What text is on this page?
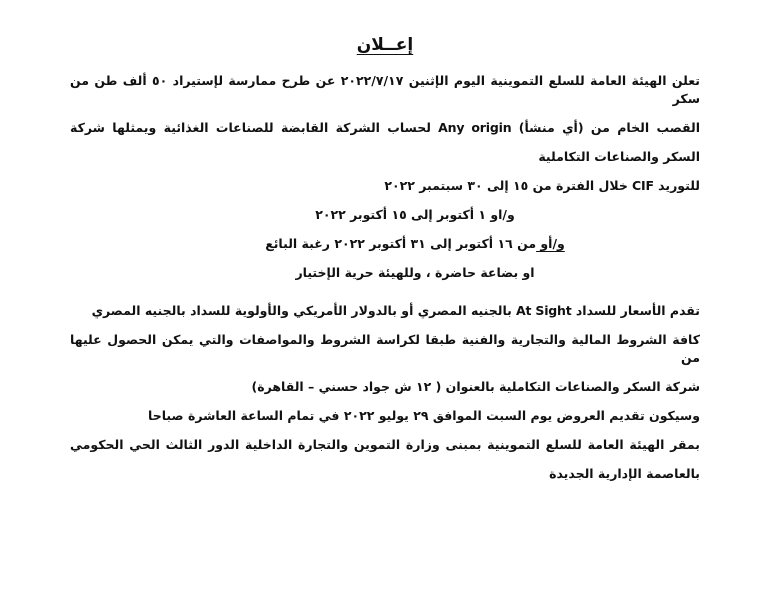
إعــلان
تعلن الهيئة العامة للسلع التموينية اليوم الإثنين ٢٠٢٢/٧/١٧ عن طرح ممارسة لإستيراد ٥٠ ألف طن من سكر
القصب الخام من (أي منشأ) Any origin لحساب الشركة القابضة للصناعات الغذائية ويمثلها شركة
السكر والصناعات التكاملية
للتوريد CIF خلال الفترة من ١٥ إلى ٣٠ سبتمبر ٢٠٢٢
و/او ١ أكتوبر إلى ١٥ أكتوبر ٢٠٢٢
و/أو من ١٦ أكتوبر إلى ٣١ أكتوبر ٢٠٢٢ رغبة البائع
او بضاعة حاضرة ، وللهيئة حرية الإختيار
تقدم الأسعار للسداد At Sight بالجنيه المصري أو بالدولار الأمريكي والأولوية للسداد بالجنيه المصري
كافة الشروط المالية والتجارية والفنية طبقا لكراسة الشروط والمواصفات والتي يمكن الحصول عليها من
شركة السكر والصناعات التكاملية بالعنوان ( ١٢ ش جواد حسني – القاهرة)
وسيكون تقديم العروض يوم السبت الموافق ٢٩ يوليو ٢٠٢٢ في تمام الساعة العاشرة صباحا
بمقر الهيئة العامة للسلع التموينية بمبنى وزارة التموين والتجارة الداخلية الدور الثالث الحي الحكومي
بالعاصمة الإدارية الجديدة
